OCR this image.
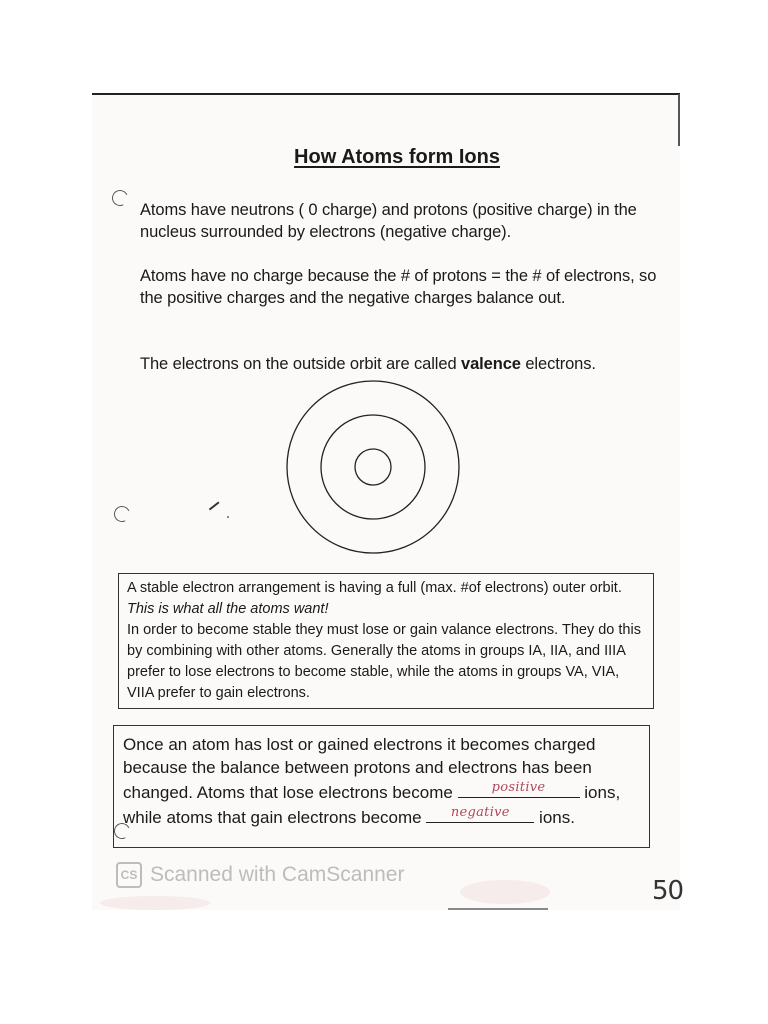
How Atoms form Ions
Atoms have neutrons ( 0 charge) and protons (positive charge) in the nucleus surrounded by electrons (negative charge).
Atoms have no charge because the # of protons = the # of electrons, so the positive charges and the negative charges balance out.
The electrons on the outside orbit are called valence electrons.
A stable electron arrangement is having a full (max. #of electrons) outer orbit. This is what all the atoms want!
In order to become stable they must lose or gain valance electrons. They do this by combining with other atoms. Generally the atoms in groups IA, IIA, and IIIA prefer to lose electrons to become stable, while the atoms in groups VA, VIA, VIIA prefer to gain electrons.
Once an atom has lost or gained electrons it becomes charged because the balance between protons and electrons has been changed. Atoms that lose electrons become	positive	ions, while atoms that gain electrons become	negative	ions.
CS Scanned with CamScanner
50
